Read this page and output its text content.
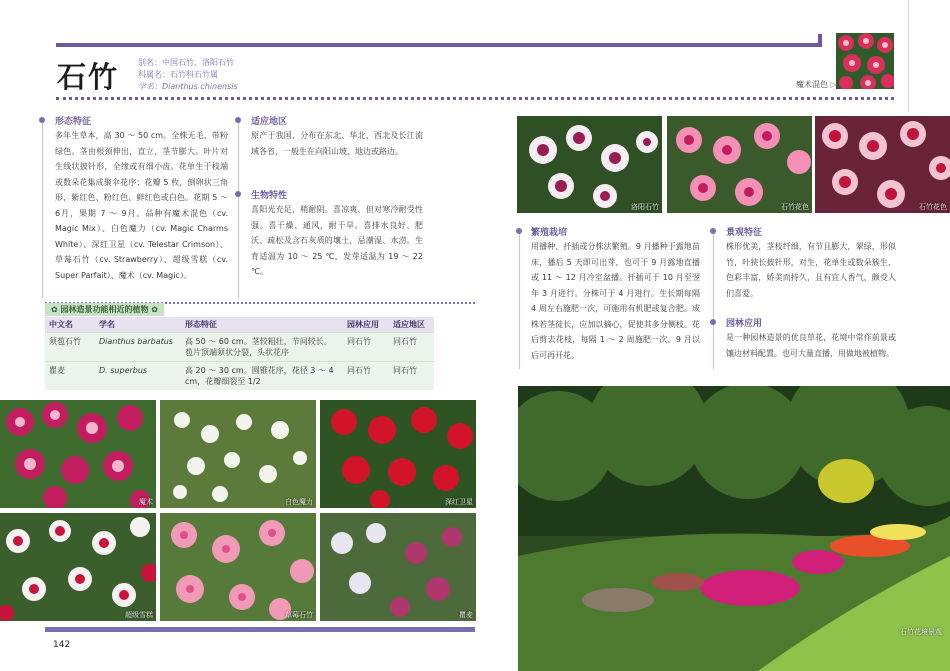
石竹 别名：中国石竹、洛阳石竹
科属名：石竹科石竹属
学名：Dianthus chinensis	魔术混色 ▷
形态特征
多年生草本，高 30 ～ 50 cm。全株无毛，带粉绿色。茎由根颈伸出，直立，茎节膨大。叶片对生线状披针形，全缘或有细小齿。花单生于枝端或数朵花集成聚伞花序；花瓣 5 枚，倒卵状三角形，紫红色、粉红色、鲜红色或白色。花期 5 ～ 6月，果期 7 ～ 9月。品种有魔术混色（cv. Magic Mix）、白色魔力（cv. Magic Charms White）、深红卫星（cv. Telestar Crimson）、草莓石竹（cv. Strawberry）、超级雪糕（cv. Super Parfait）、魔术（cv. Magic）。
适应地区
原产于我国，分布在东北、华北、西北及长江流域各省，一般生在向阳山坡、地边或路边。
生物特性
喜阳光充足，稍耐阴。喜凉爽，但对寒冷耐受性强。喜干燥、通风，耐干旱。喜排水良好、肥沃、疏松及含石灰质的壤土，忌潮湿、水涝。生育适温为 10 ～ 25 ℃，发芽适温为 19 ～ 22 ℃。
✿ 园林造景功能相近的植物 ✿
中文名	学名	形态特征	园林应用	适应地区
须苞石竹	Dianthus barbatus	高 50 ～ 60 cm。茎较粗壮，节间较长。苞片顶端须状分裂，头状花序	同石竹	同石竹
瞿麦	D. superbus	高 20 ～ 30 cm。圆锥花序，花径 3 ～ 4 cm，花瓣细裂至 1/2	同石竹	同石竹
魔术	白色魔力	深红卫星
超级雪糕	草莓石竹	瞿麦
142
洛阳石竹	石竹花色	石竹花色
繁殖栽培
用播种、扦插或分株法繁殖。9 月播种于露地苗床，播后 5 天即可出芽，也可于 9 月露地直播或 11 ～ 12 月冷室盆播。扦插可于 10 月至翌年 3 月进行。分株可于 4 月进行。生长期每隔 4 周左右施肥一次，可施用有机肥或复合肥。成株若茎徒长，应加以摘心，促使其多分侧枝。花后剪去花枝，每隔 1 ～ 2 周施肥一次，9 月以后可再开花。
景观特征
株形优美，茎枝纤细，有节且膨大，翠绿，形似竹，叶狭长披针形，对生，花单生或数朵簇生，色彩丰富，娇美而持久，且有宜人香气，颇受人们喜爱。
园林应用
是一种园林造景的优良草花，花境中常作前景或镶边材料配置。也可大量直播，用做地被植物。
石竹花境景观
